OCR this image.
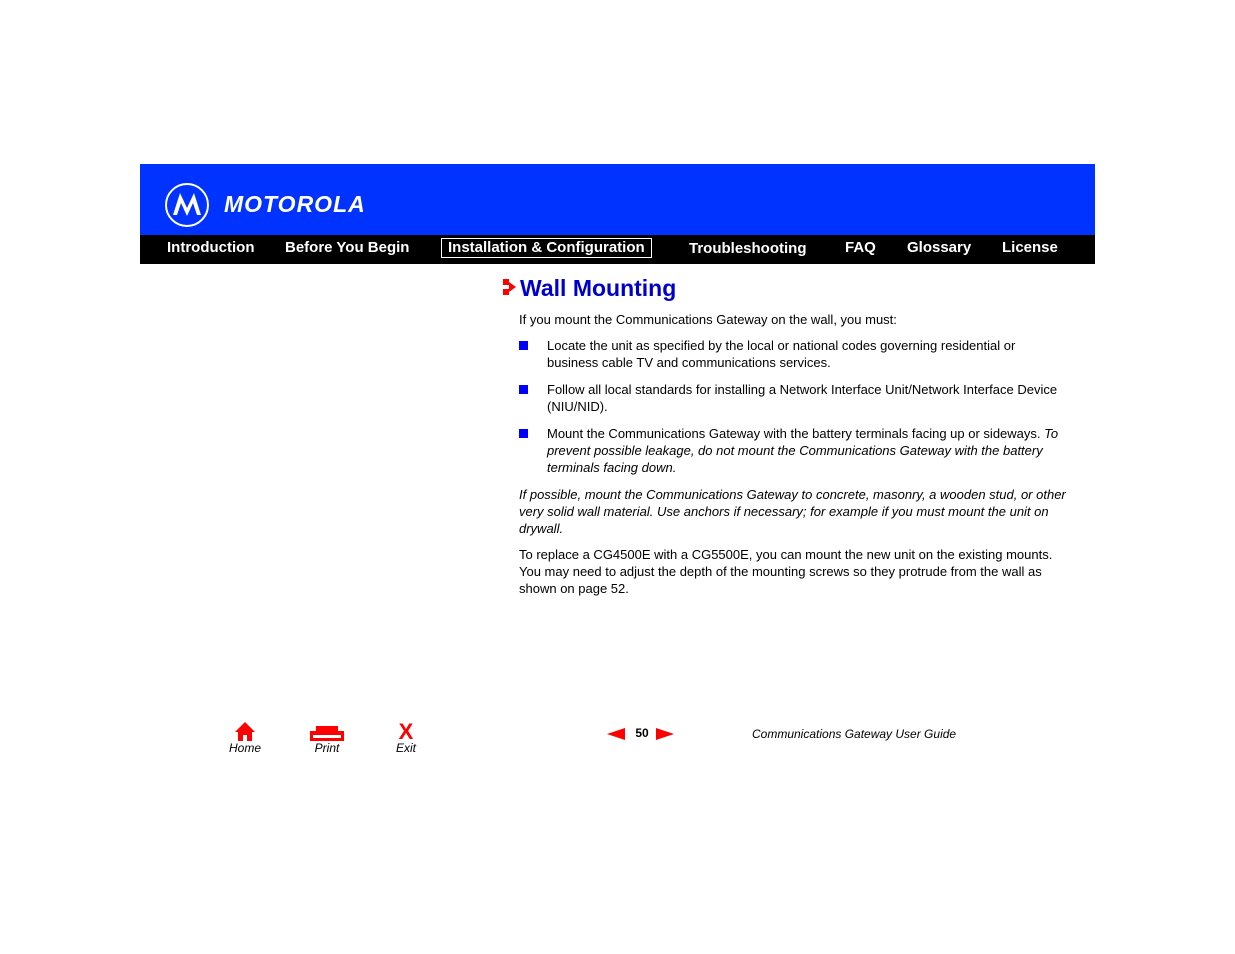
MOTOROLA
Introduction Before You Begin	Installation & Configuration	Troubleshooting	FAQ Glossary License
Wall Mounting

If you mount the Communications Gateway on the wall, you must:

Locate the unit as specified by the local or national codes governing residential or business cable TV and communications services.
Follow all local standards for installing a Network Interface Unit/Network Interface Device (NIU/NID).
Mount the Communications Gateway with the battery terminals facing up or sideways. To prevent possible leakage, do not mount the Communications Gateway with the battery terminals facing down.

If possible, mount the Communications Gateway to concrete, masonry, a wooden stud, or other very solid wall material. Use anchors if necessary; for example if you must mount the unit on drywall.

To replace a CG4500E with a CG5500E, you can mount the new unit on the existing mounts. You may need to adjust the depth of the mounting screws so they protrude from the wall as shown on page 52.

Home	Print
X
Exit
50	Communications Gateway User Guide
